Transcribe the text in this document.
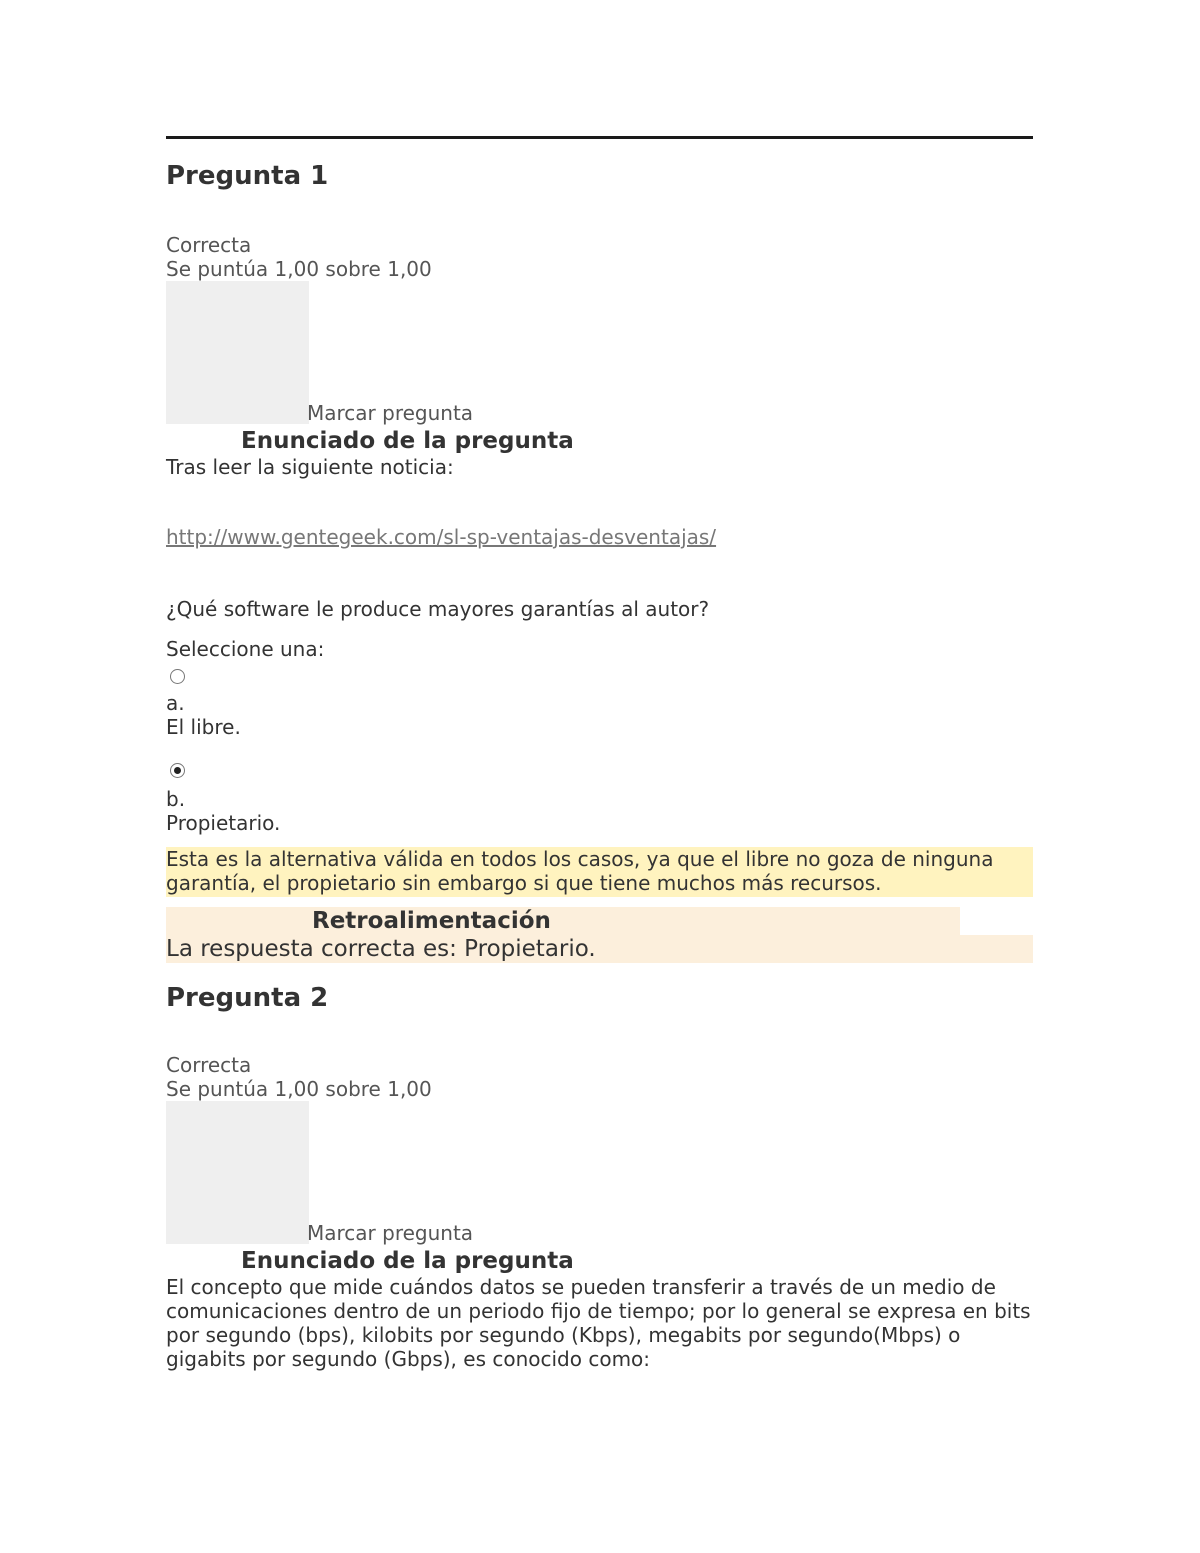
Pregunta 1
Correcta
Se puntúa 1,00 sobre 1,00
Marcar pregunta
Enunciado de la pregunta
Tras leer la siguiente noticia:
http://www.gentegeek.com/sl-sp-ventajas-desventajas/
¿Qué software le produce mayores garantías al autor?
Seleccione una:
a.
El libre.
b.
Propietario.
Esta es la alternativa válida en todos los casos, ya que el libre no goza de ninguna garantía, el propietario sin embargo si que tiene muchos más recursos.
Retroalimentación
La respuesta correcta es: Propietario.
Pregunta 2
Correcta
Se puntúa 1,00 sobre 1,00
Marcar pregunta
Enunciado de la pregunta
El concepto que mide cuándos datos se pueden transferir a través de un medio de comunicaciones dentro de un periodo fijo de tiempo; por lo general se expresa en bits por segundo (bps), kilobits por segundo (Kbps), megabits por segundo(Mbps) o gigabits por segundo (Gbps), es conocido como:
